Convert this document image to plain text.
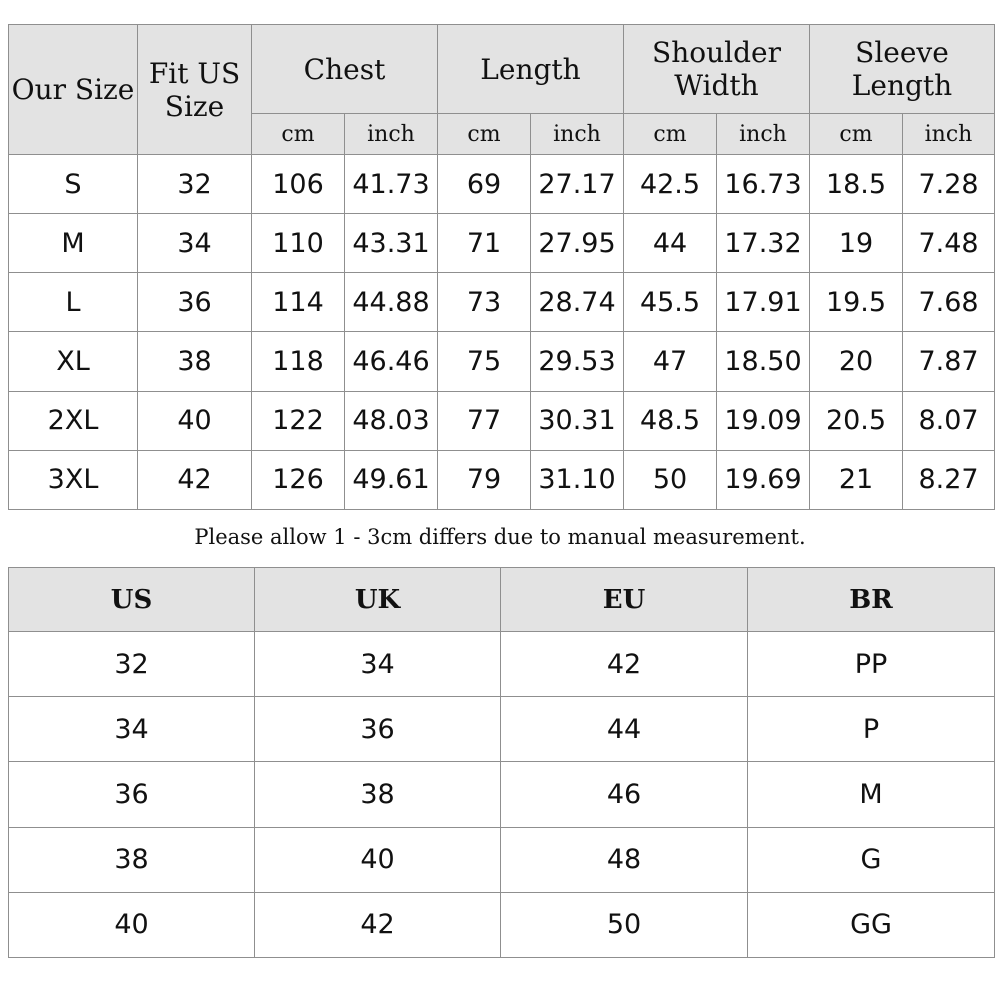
Our Size	Fit US Size	Chest		Length		Shoulder Width		Sleeve Length	
		cm	inch	cm	inch	cm	inch	cm	inch
S	32	106	41.73	69	27.17	42.5	16.73	18.5	7.28
M	34	110	43.31	71	27.95	44	17.32	19	7.48
L	36	114	44.88	73	28.74	45.5	17.91	19.5	7.68
XL	38	118	46.46	75	29.53	47	18.50	20	7.87
2XL	40	122	48.03	77	30.31	48.5	19.09	20.5	8.07
3XL	42	126	49.61	79	31.10	50	19.69	21	8.27
Please allow 1 - 3cm differs due to manual measurement.
US	UK	EU	BR
32	34	42	PP
34	36	44	P
36	38	46	M
38	40	48	G
40	42	50	GG
